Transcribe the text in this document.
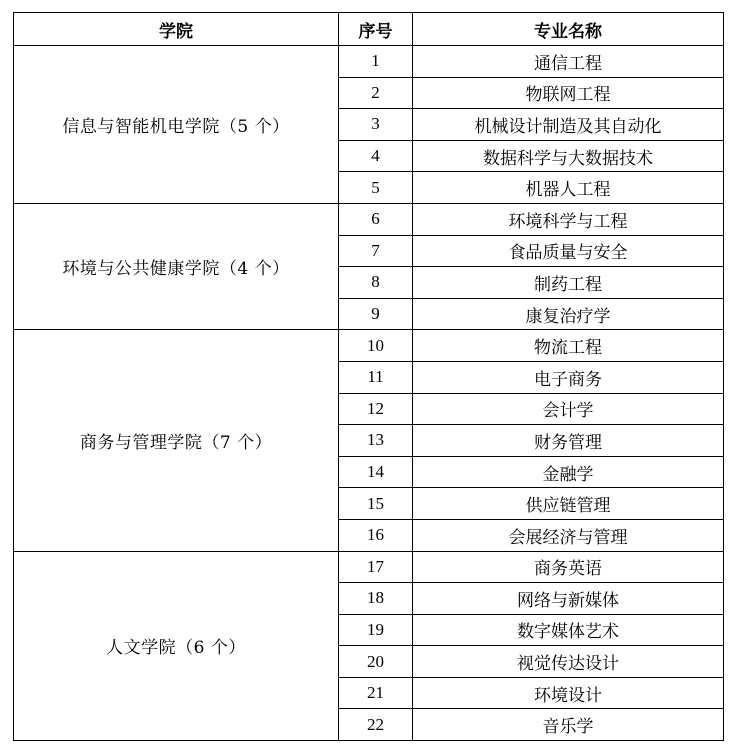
学院	序号	专业名称
信息与智能机电学院（5 个）	1	通信工程
	2	物联网工程
	3	机械设计制造及其自动化
	4	数据科学与大数据技术
	5	机器人工程
环境与公共健康学院（4 个）	6	环境科学与工程
	7	食品质量与安全
	8	制药工程
	9	康复治疗学
商务与管理学院（7 个）	10	物流工程
	11	电子商务
	12	会计学
	13	财务管理
	14	金融学
	15	供应链管理
	16	会展经济与管理
人文学院（6 个）	17	商务英语
	18	网络与新媒体
	19	数字媒体艺术
	20	视觉传达设计
	21	环境设计
	22	音乐学
